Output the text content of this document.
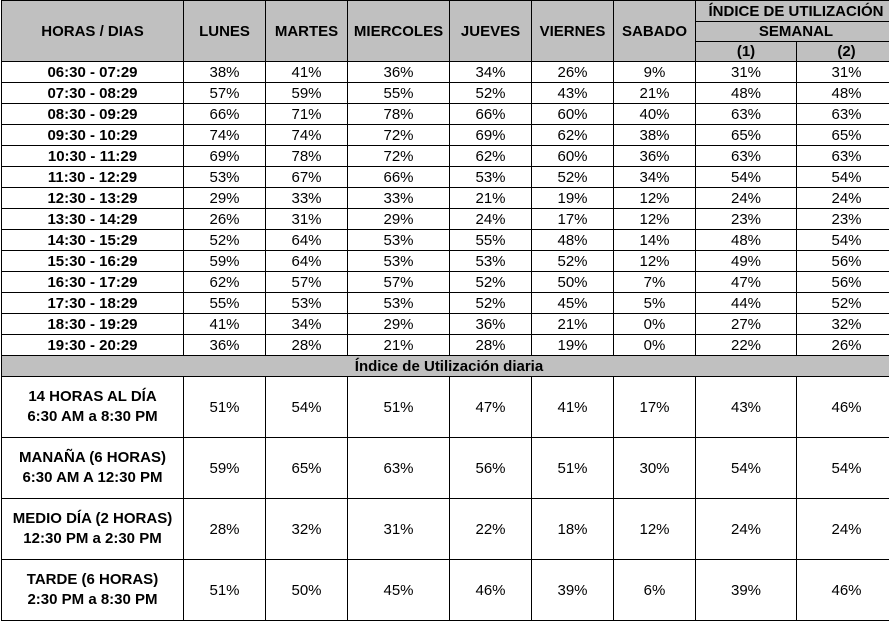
HORAS / DIAS	LUNES	MARTES	MIERCOLES	JUEVES	VIERNES	SABADO	ÍNDICE DE UTILIZACIÓN	
							SEMANAL	
							(1)	(2)
06:30 - 07:29	38%	41%	36%	34%	26%	9%	31%	31%
07:30 - 08:29	57%	59%	55%	52%	43%	21%	48%	48%
08:30 - 09:29	66%	71%	78%	66%	60%	40%	63%	63%
09:30 - 10:29	74%	74%	72%	69%	62%	38%	65%	65%
10:30 - 11:29	69%	78%	72%	62%	60%	36%	63%	63%
11:30 - 12:29	53%	67%	66%	53%	52%	34%	54%	54%
12:30 - 13:29	29%	33%	33%	21%	19%	12%	24%	24%
13:30 - 14:29	26%	31%	29%	24%	17%	12%	23%	23%
14:30 - 15:29	52%	64%	53%	55%	48%	14%	48%	54%
15:30 - 16:29	59%	64%	53%	53%	52%	12%	49%	56%
16:30 - 17:29	62%	57%	57%	52%	50%	7%	47%	56%
17:30 - 18:29	55%	53%	53%	52%	45%	5%	44%	52%
18:30 - 19:29	41%	34%	29%	36%	21%	0%	27%	32%
19:30 - 20:29	36%	28%	21%	28%	19%	0%	22%	26%
Índice de Utilización diaria								

14 HORAS AL DÍA
6:30 AM a 8:30 PM	51%	54%	51%	47%	41%	17%	43%	46%

MANAÑA (6 HORAS)
6:30 AM A 12:30 PM	59%	65%	63%	56%	51%	30%	54%	54%

MEDIO DÍA (2 HORAS)
12:30 PM a 2:30 PM	28%	32%	31%	22%	18%	12%	24%	24%

TARDE (6 HORAS)
2:30 PM a 8:30 PM	51%	50%	45%	46%	39%	6%	39%	46%
